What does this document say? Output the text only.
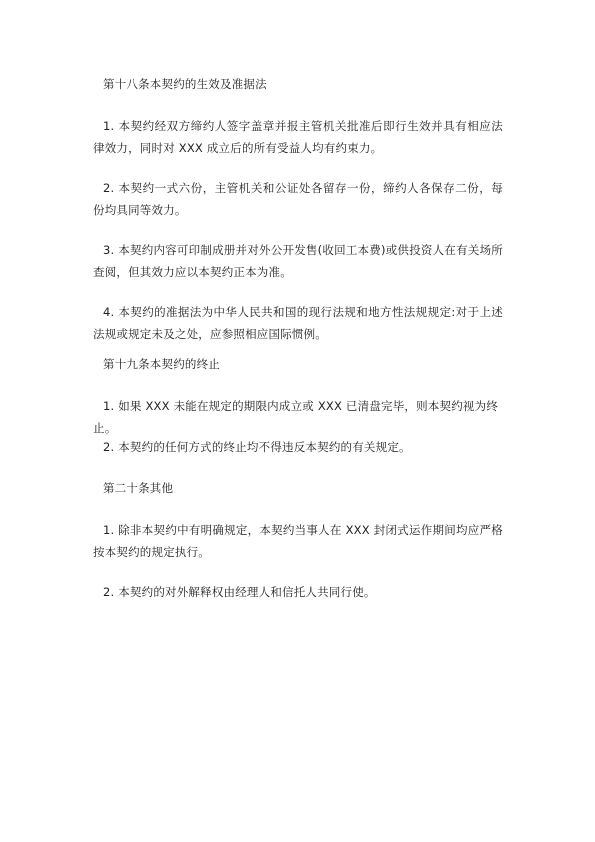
第十八条本契约的生效及准据法

1. 本契约经双方缔约人签字盖章并报主管机关批准后即行生效并具有相应法律效力，同时对 XXX 成立后的所有受益人均有约束力。

2. 本契约一式六份，主管机关和公证处各留存一份，缔约人各保存二份，每份均具同等效力。

3. 本契约内容可印制成册并对外公开发售(收回工本费)或供投资人在有关场所查阅，但其效力应以本契约正本为准。

4. 本契约的准据法为中华人民共和国的现行法规和地方性法规规定:对于上述法规或规定未及之处，应参照相应国际惯例。

第十九条本契约的终止

1. 如果 XXX 未能在规定的期限内成立或 XXX 已清盘完毕，则本契约视为终止。

2. 本契约的任何方式的终止均不得违反本契约的有关规定。

第二十条其他

1. 除非本契约中有明确规定，本契约当事人在 XXX 封闭式运作期间均应严格按本契约的规定执行。

2. 本契约的对外解释权由经理人和信托人共同行使。
